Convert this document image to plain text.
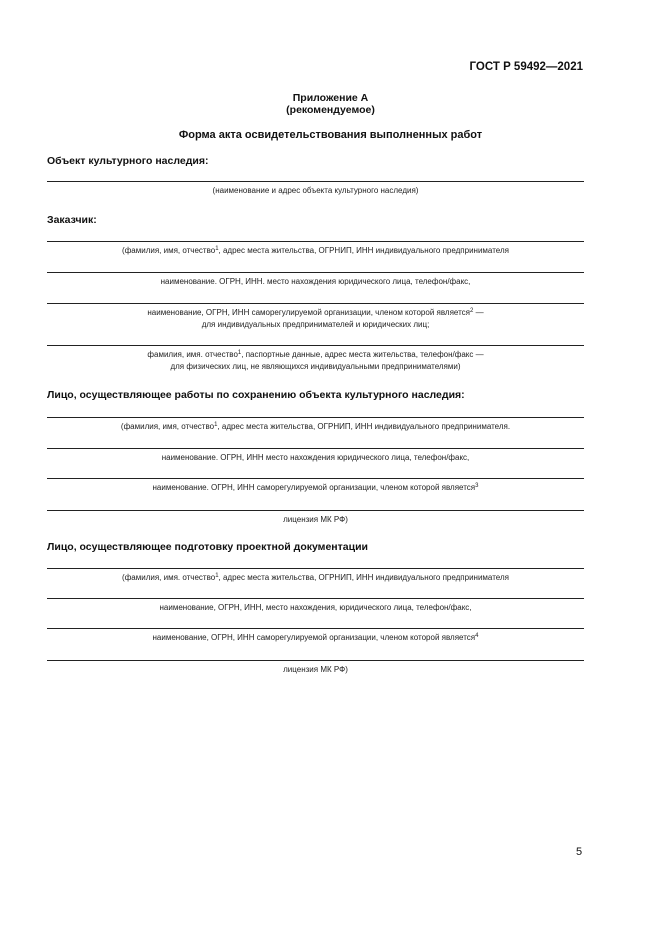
ГОСТ Р 59492—2021
Приложение А
(рекомендуемое)
Форма акта освидетельствования выполненных работ
Объект культурного наследия:
(наименование и адрес объекта культурного наследия)
Заказчик:
(фамилия, имя, отчество$^1$, адрес места жительства, ОГРНИП, ИНН индивидуального предпринимателя
наименование. ОГРН, ИНН. место нахождения юридического лица, телефон/факс,
наименование, ОГРН, ИНН саморегулируемой организации, членом которой является$^2$ —
для индивидуальных предпринимателей и юридических лиц;
фамилия, имя. отчество$^1$, паспортные данные, адрес места жительства, телефон/факс —
для физических лиц, не являющихся индивидуальными предпринимателями)
Лицо, осуществляющее работы по сохранению объекта культурного наследия:
(фамилия, имя, отчество$^1$, адрес места жительства, ОГРНИП, ИНН индивидуального предпринимателя.
наименование. ОГРН, ИНН место нахождения юридического лица, телефон/факс,
наименование. ОГРН, ИНН саморегулируемой организации, членом которой является$^3$
лицензия МК РФ)
Лицо, осуществляющее подготовку проектной документации
(фамилия, имя. отчество$^1$, адрес места жительства, ОГРНИП, ИНН индивидуального предпринимателя
наименование, ОГРН, ИНН, место нахождения, юридического лица, телефон/факс,
наименование, ОГРН, ИНН саморегулируемой организации, членом которой является$^4$
лицензия МК РФ)
5
